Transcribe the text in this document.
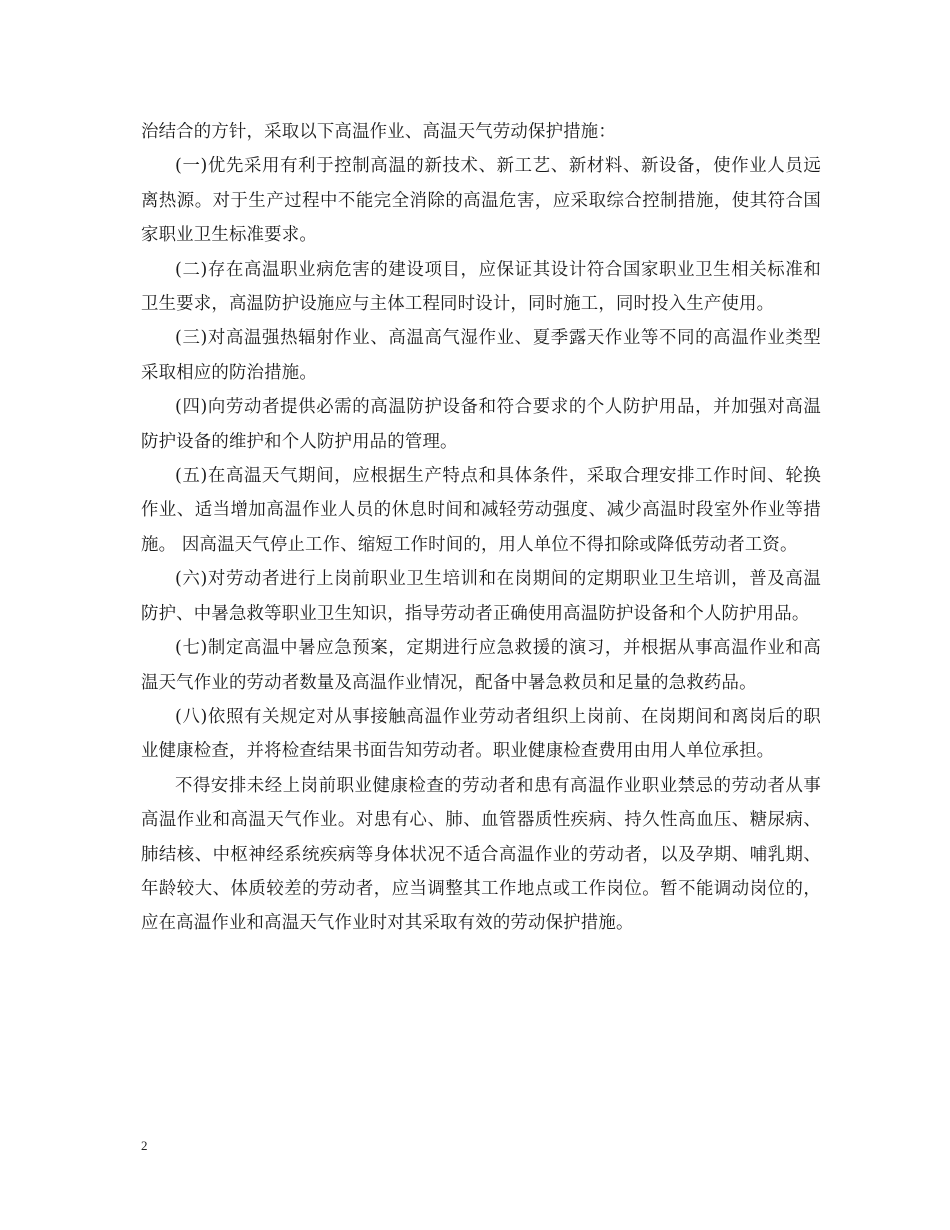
治结合的方针，采取以下高温作业、高温天气劳动保护措施：

(一)优先采用有利于控制高温的新技术、新工艺、新材料、新设备，使作业人员远离热源。对于生产过程中不能完全消除的高温危害，应采取综合控制措施，使其符合国家职业卫生标准要求。

(二)存在高温职业病危害的建设项目，应保证其设计符合国家职业卫生相关标准和卫生要求，高温防护设施应与主体工程同时设计，同时施工，同时投入生产使用。

(三)对高温强热辐射作业、高温高气湿作业、夏季露天作业等不同的高温作业类型采取相应的防治措施。

(四)向劳动者提供必需的高温防护设备和符合要求的个人防护用品，并加强对高温防护设备的维护和个人防护用品的管理。

(五)在高温天气期间，应根据生产特点和具体条件，采取合理安排工作时间、轮换作业、适当增加高温作业人员的休息时间和减轻劳动强度、减少高温时段室外作业等措施。 因高温天气停止工作、缩短工作时间的，用人单位不得扣除或降低劳动者工资。

(六)对劳动者进行上岗前职业卫生培训和在岗期间的定期职业卫生培训，普及高温防护、中暑急救等职业卫生知识，指导劳动者正确使用高温防护设备和个人防护用品。

(七)制定高温中暑应急预案，定期进行应急救援的演习，并根据从事高温作业和高温天气作业的劳动者数量及高温作业情况，配备中暑急救员和足量的急救药品。

(八)依照有关规定对从事接触高温作业劳动者组织上岗前、在岗期间和离岗后的职业健康检查，并将检查结果书面告知劳动者。职业健康检查费用由用人单位承担。

不得安排未经上岗前职业健康检查的劳动者和患有高温作业职业禁忌的劳动者从事高温作业和高温天气作业。对患有心、肺、血管器质性疾病、持久性高血压、糖尿病、肺结核、中枢神经系统疾病等身体状况不适合高温作业的劳动者，以及孕期、哺乳期、年龄较大、体质较差的劳动者，应当调整其工作地点或工作岗位。暂不能调动岗位的，应在高温作业和高温天气作业时对其采取有效的劳动保护措施。

2
